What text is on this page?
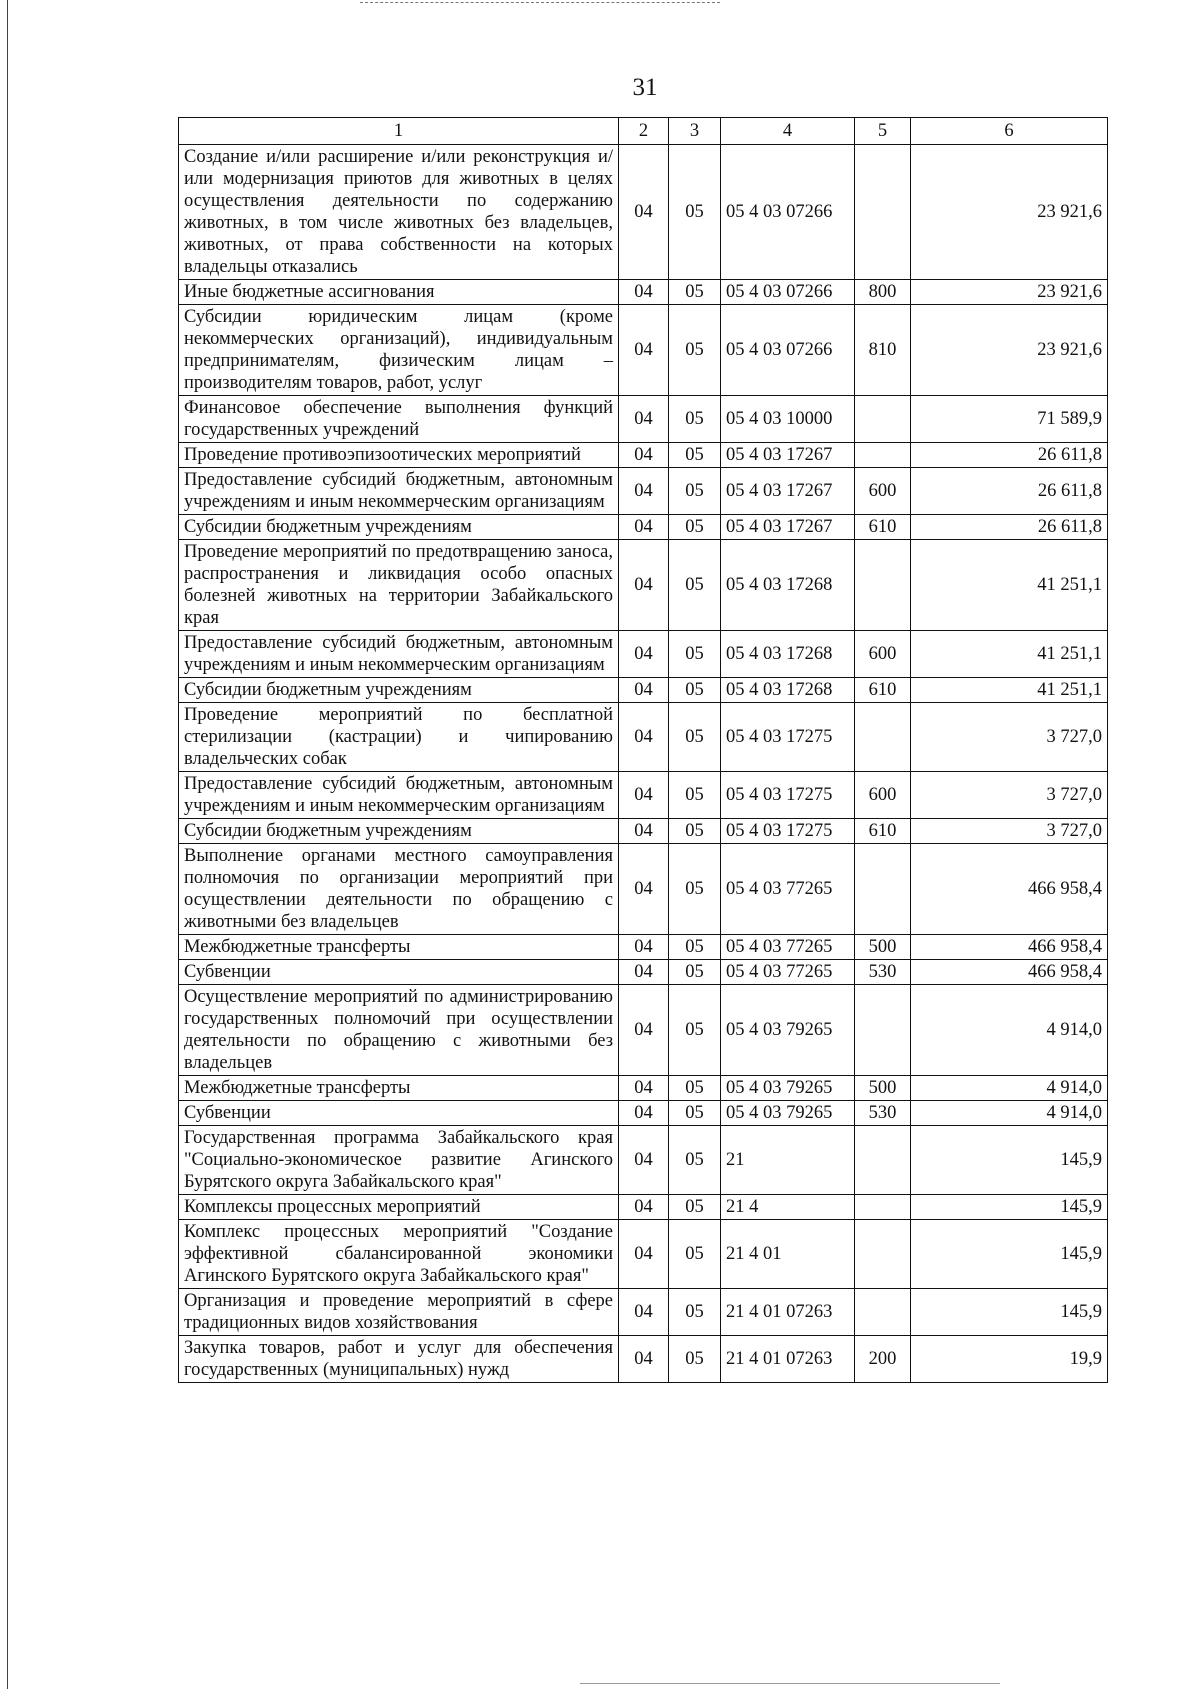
31
1	2	3	4	5	6
Создание и/или расширение и/или реконструкция и/или модернизация приютов для животных в целях осуществления деятельности по содержанию животных, в том числе животных без владельцев, животных, от права собственности на которых владельцы отказались	04	05	05 4 03 07266		23 921,6
Иные бюджетные ассигнования	04	05	05 4 03 07266	800	23 921,6
Субсидии юридическим лицам (кроме некоммерческих организаций), индивидуальным предпринимателям, физическим лицам – производителям товаров, работ, услуг	04	05	05 4 03 07266	810	23 921,6
Финансовое обеспечение выполнения функций государственных учреждений	04	05	05 4 03 10000		71 589,9
Проведение противоэпизоотических мероприятий	04	05	05 4 03 17267		26 611,8
Предоставление субсидий бюджетным, автономным учреждениям и иным некоммерческим организациям	04	05	05 4 03 17267	600	26 611,8
Субсидии бюджетным учреждениям	04	05	05 4 03 17267	610	26 611,8
Проведение мероприятий по предотвращению заноса, распространения и ликвидация особо опасных болезней животных на территории Забайкальского края	04	05	05 4 03 17268		41 251,1
Предоставление субсидий бюджетным, автономным учреждениям и иным некоммерческим организациям	04	05	05 4 03 17268	600	41 251,1
Субсидии бюджетным учреждениям	04	05	05 4 03 17268	610	41 251,1
Проведение мероприятий по бесплатной стерилизации (кастрации) и чипированию владельческих собак	04	05	05 4 03 17275		3 727,0
Предоставление субсидий бюджетным, автономным учреждениям и иным некоммерческим организациям	04	05	05 4 03 17275	600	3 727,0
Субсидии бюджетным учреждениям	04	05	05 4 03 17275	610	3 727,0
Выполнение органами местного самоуправления полномочия по организации мероприятий при осуществлении деятельности по обращению с животными без владельцев	04	05	05 4 03 77265		466 958,4
Межбюджетные трансферты	04	05	05 4 03 77265	500	466 958,4
Субвенции	04	05	05 4 03 77265	530	466 958,4
Осуществление мероприятий по администрированию государственных полномочий при осуществлении деятельности по обращению с животными без владельцев	04	05	05 4 03 79265		4 914,0
Межбюджетные трансферты	04	05	05 4 03 79265	500	4 914,0
Субвенции	04	05	05 4 03 79265	530	4 914,0
Государственная программа Забайкальского края "Социально-экономическое развитие Агинского Бурятского округа Забайкальского края"	04	05	21		145,9
Комплексы процессных мероприятий	04	05	21 4		145,9
Комплекс процессных мероприятий "Создание эффективной сбалансированной экономики Агинского Бурятского округа Забайкальского края"	04	05	21 4 01		145,9
Организация и проведение мероприятий в сфере традиционных видов хозяйствования	04	05	21 4 01 07263		145,9
Закупка товаров, работ и услуг для обеспечения государственных (муниципальных) нужд	04	05	21 4 01 07263	200	19,9
